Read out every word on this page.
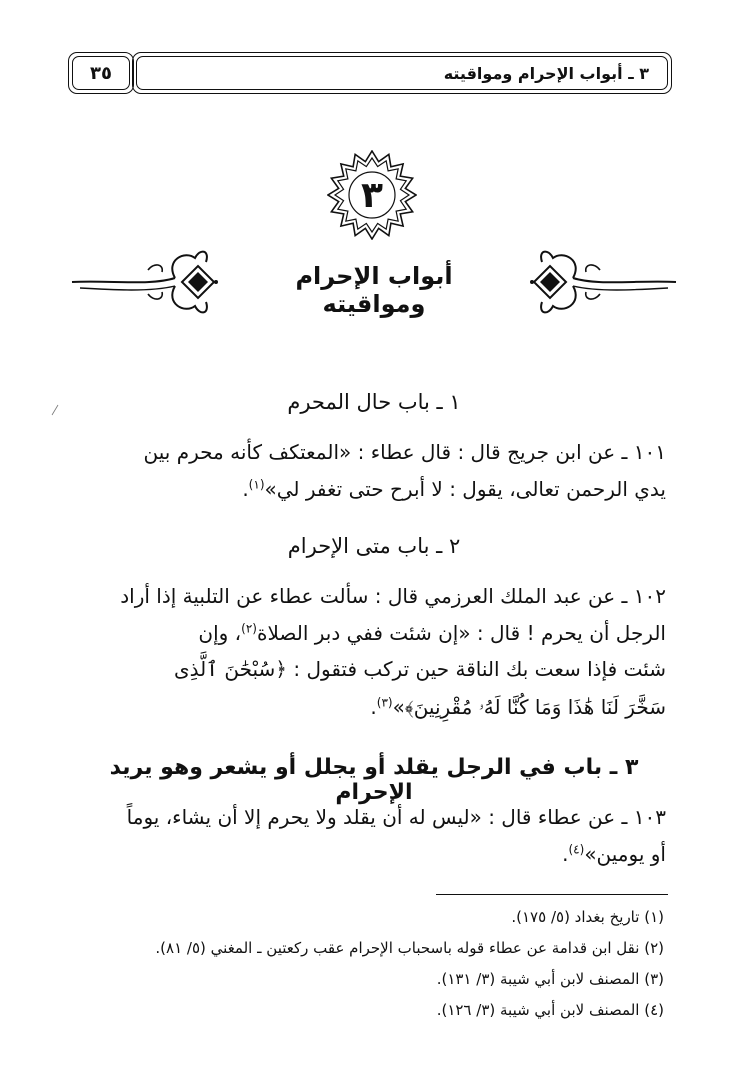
٣ ـ أبواب الإحرام ومواقيته
٣٥
٣
أبواب الإحرام ومواقيته
١ ـ باب حال المحرم
١٠١ ـ عن ابن جريج قال : قال عطاء : «المعتكف كأنه محرم بين
يدي الرحمن تعالى، يقول : لا أبرح حتى تغفر لي»$^{(١)}$.
٢ ـ باب متى الإحرام
١٠٢ ـ عن عبد الملك العرزمي قال : سألت عطاء عن التلبية إذا أراد
الرجل أن يحرم ! قال : «إن شئت ففي دبر الصلاة$^{(٢)}$، وإن
شئت فإذا سعت بك الناقة حين تركب فتقول : ﴿سُبْحَٰنَ ٱلَّذِى
سَخَّرَ لَنَا هَٰذَا وَمَا كُنَّا لَهُۥ مُقْرِنِينَ﴾»$^{(٣)}$.
٣ ـ باب في الرجل يقلد أو يجلل أو يشعر وهو يريد الإحرام
١٠٣ ـ عن عطاء قال : «ليس له أن يقلد ولا يحرم إلا أن يشاء، يوماً
أو يومين»$^{(٤)}$.
(١) تاريخ بغداد (٥/ ١٧٥).
(٢) نقل ابن قدامة عن عطاء قوله باسحباب الإحرام عقب ركعتين ـ المغني (٥/ ٨١).
(٣) المصنف لابن أبي شيبة (٣/ ١٣١).
(٤) المصنف لابن أبي شيبة (٣/ ١٢٦).
